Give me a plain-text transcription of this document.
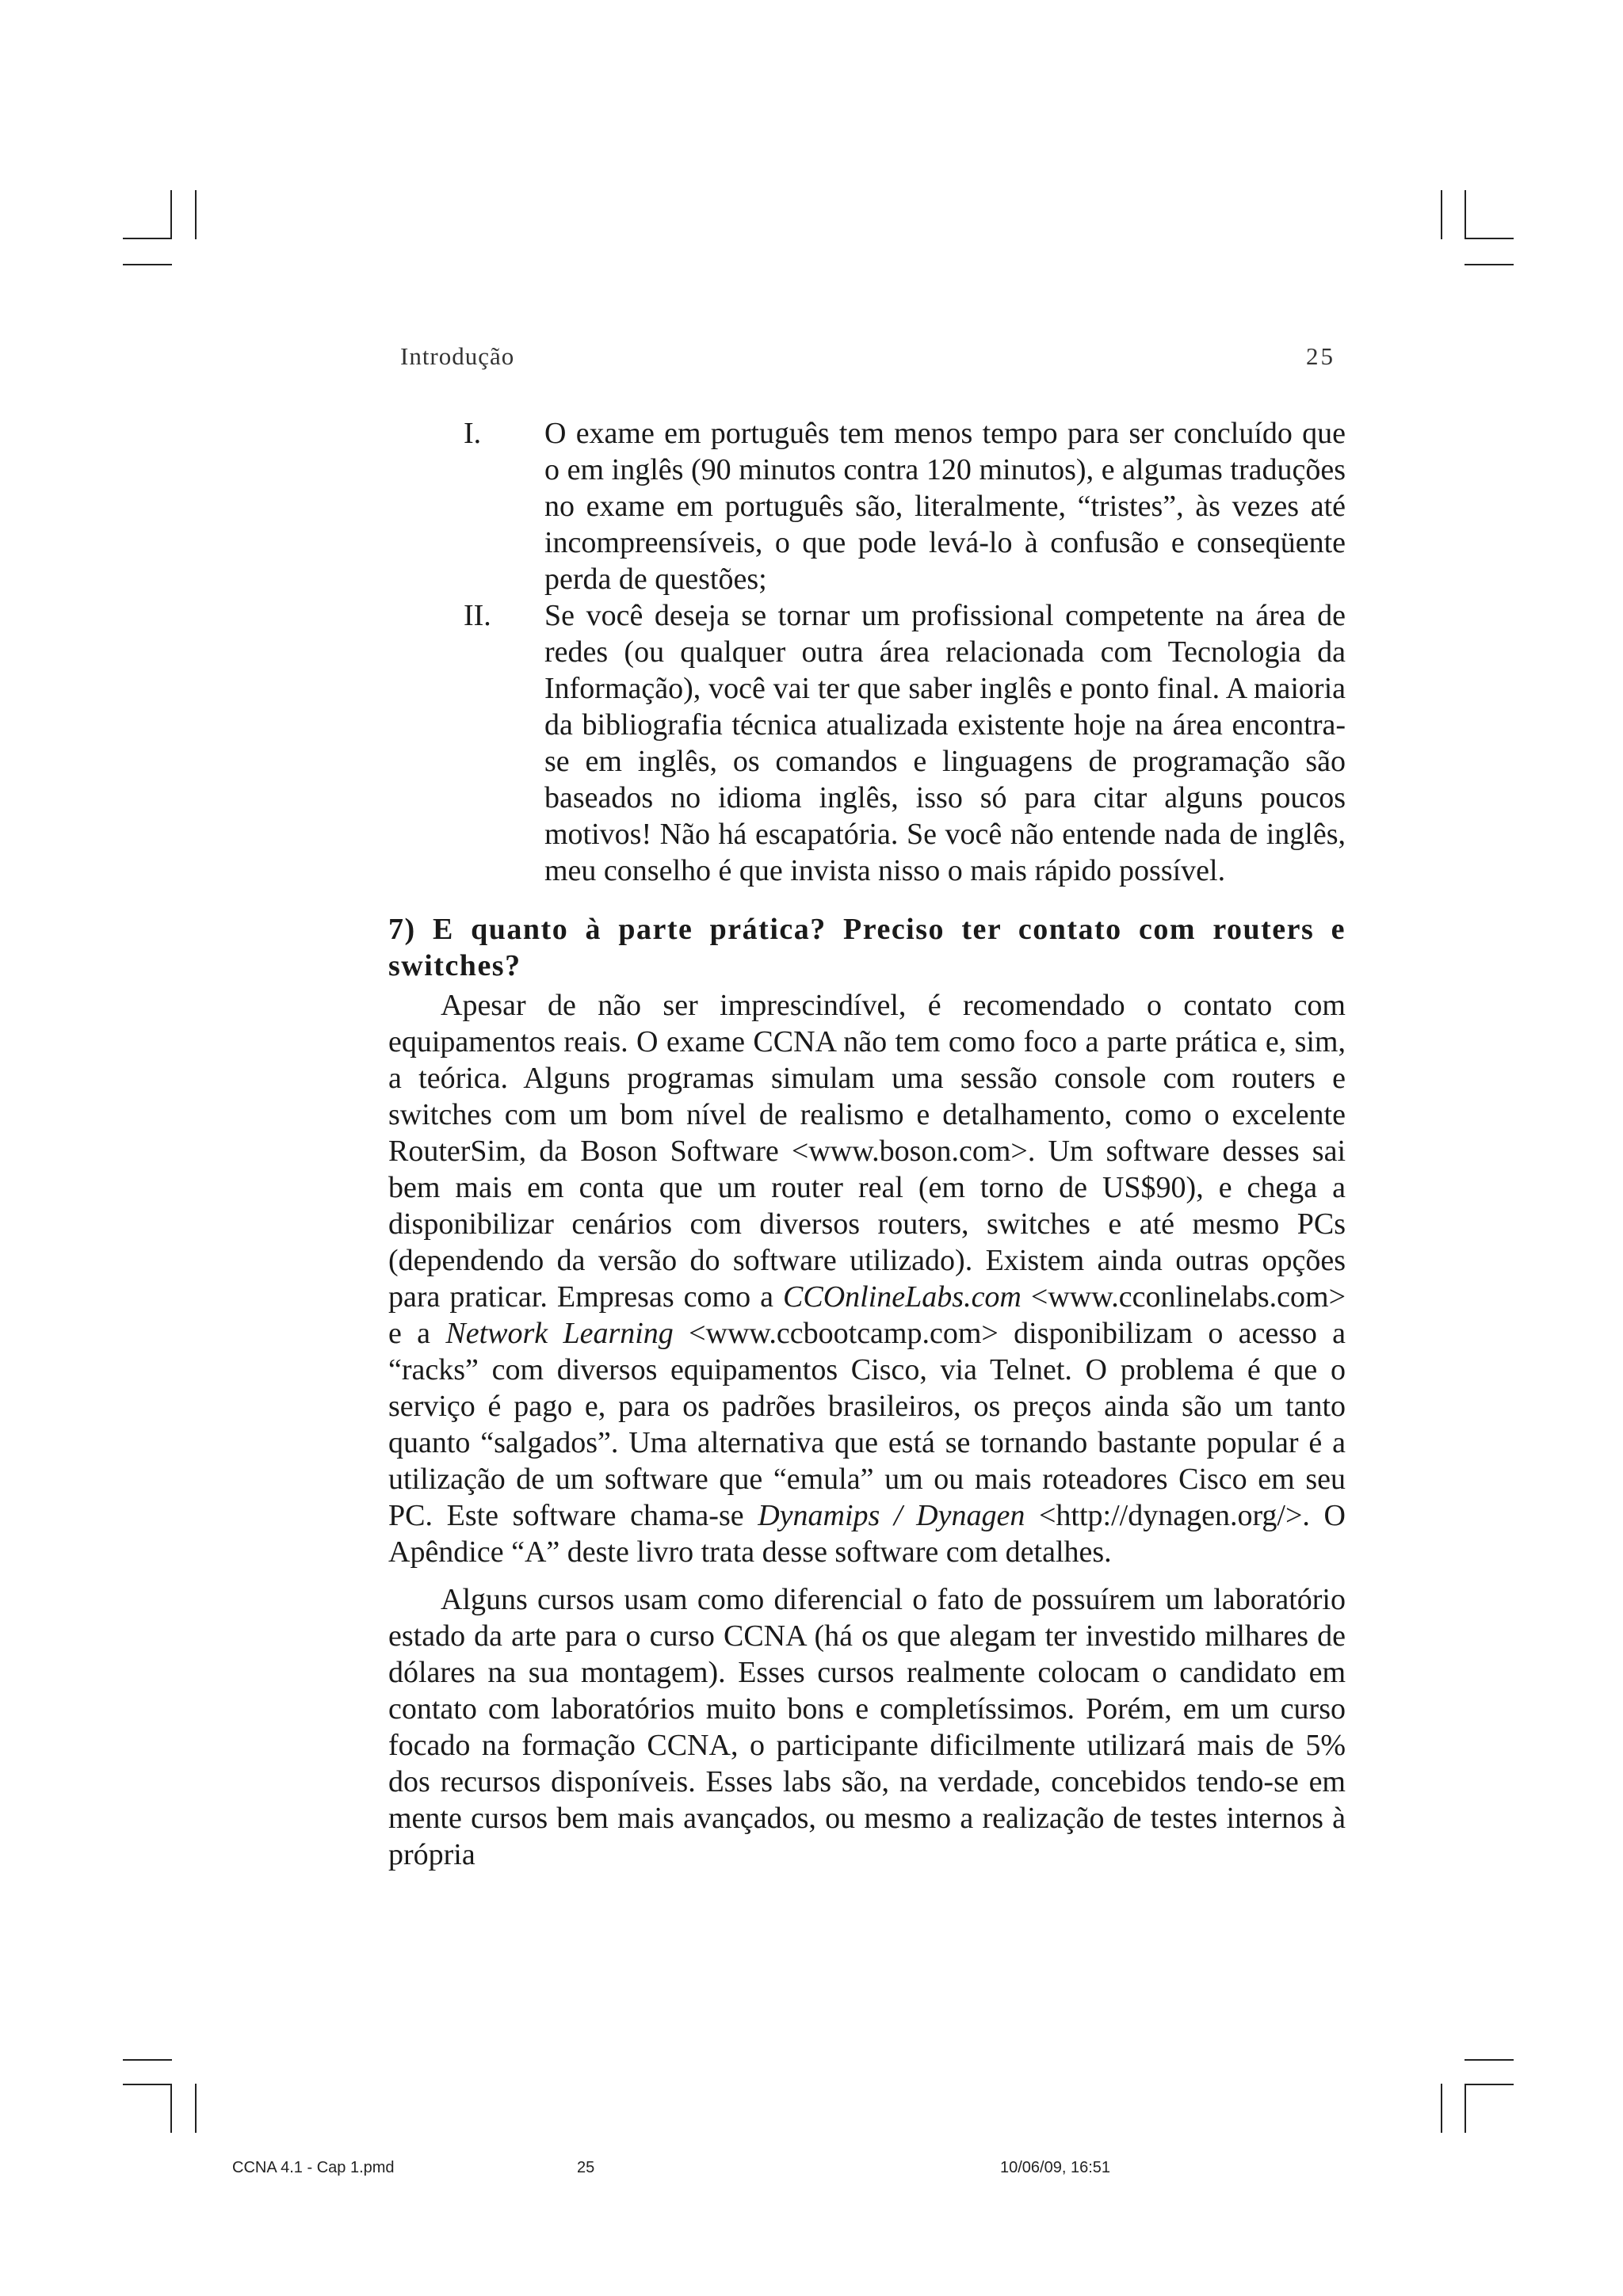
Introdução	25
I. O exame em português tem menos tempo para ser concluído que o em inglês (90 minutos contra 120 minutos), e algumas traduções no exame em português são, literalmente, “tristes”, às vezes até incompreensíveis, o que pode levá-lo à confusão e conseqüente perda de questões;
II. Se você deseja se tornar um profissional competente na área de redes (ou qualquer outra área relacionada com Tecnologia da Informação), você vai ter que saber inglês e ponto final. A maioria da bibliografia técnica atualizada existente hoje na área encontra-se em inglês, os comandos e linguagens de programação são baseados no idioma inglês, isso só para citar alguns poucos motivos! Não há escapatória. Se você não entende nada de inglês, meu conselho é que invista nisso o mais rápido possível.
7) E quanto à parte prática? Preciso ter contato com routers e switches?

Apesar de não ser imprescindível, é recomendado o contato com equipamentos reais. O exame CCNA não tem como foco a parte prática e, sim, a teórica. Alguns programas simulam uma sessão console com routers e switches com um bom nível de realismo e detalhamento, como o excelente RouterSim, da Boson Software <www.boson.com>. Um software desses sai bem mais em conta que um router real (em torno de US$90), e chega a disponibilizar cenários com diversos routers, switches e até mesmo PCs (dependendo da versão do software utilizado). Existem ainda outras opções para praticar. Empresas como a CCOnlineLabs.com <www.cconlinelabs.com> e a Network Learning <www.ccbootcamp.com> disponibilizam o acesso a “racks” com diversos equipamentos Cisco, via Telnet. O problema é que o serviço é pago e, para os padrões brasileiros, os preços ainda são um tanto quanto “salgados”. Uma alternativa que está se tornando bastante popular é a utilização de um software que “emula” um ou mais roteadores Cisco em seu PC. Este software chama-se Dynamips / Dynagen <http://dynagen.org/>. O Apêndice “A” deste livro trata desse software com detalhes.

Alguns cursos usam como diferencial o fato de possuírem um laboratório estado da arte para o curso CCNA (há os que alegam ter investido milhares de dólares na sua montagem). Esses cursos realmente colocam o candidato em contato com laboratórios muito bons e completíssimos. Porém, em um curso focado na formação CCNA, o participante dificilmente utilizará mais de 5% dos recursos disponíveis. Esses labs são, na verdade, concebidos tendo-se em mente cursos bem mais avançados, ou mesmo a realização de testes internos à própria

CCNA 4.1 - Cap 1.pmd	25	10/06/09, 16:51
